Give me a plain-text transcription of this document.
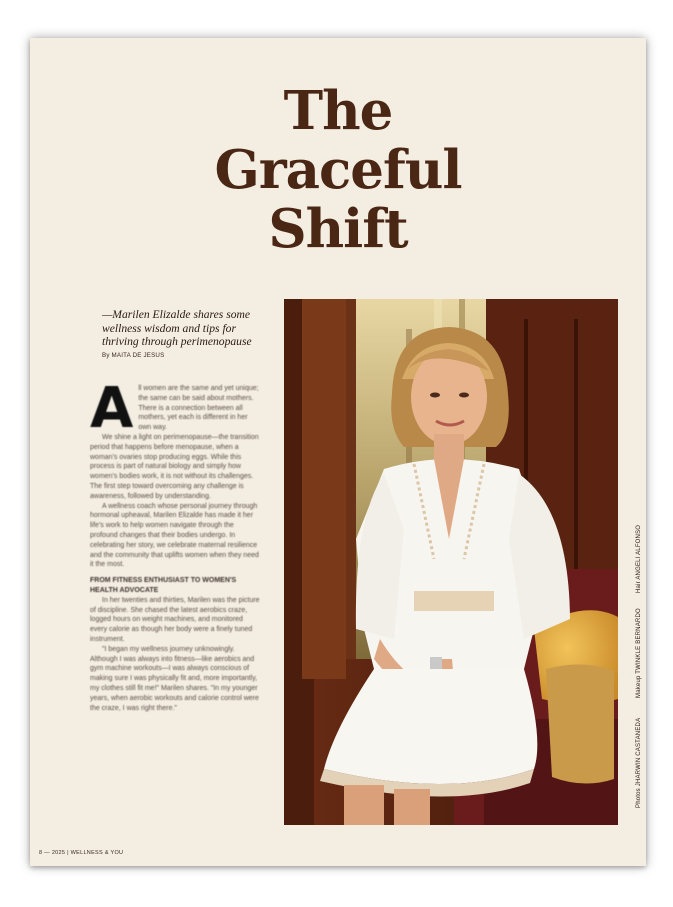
The
Graceful
Shift
—Marilen Elizalde shares some wellness wisdom and tips for thriving through perimenopause
By MAITA DE JESUS

All women are the same and yet unique; the same can be said about mothers. There is a connection between all mothers, yet each is different in her own way.

We shine a light on perimenopause—the transition period that happens before menopause, when a woman's ovaries stop producing eggs. While this process is part of natural biology and simply how women's bodies work, it is not without its challenges. The first step toward overcoming any challenge is awareness, followed by understanding.

A wellness coach whose personal journey through hormonal upheaval, Marilen Elizalde has made it her life's work to help women navigate through the profound changes that their bodies undergo. In celebrating her story, we celebrate maternal resilience and the community that uplifts women when they need it the most.

FROM FITNESS ENTHUSIAST TO WOMEN'S HEALTH ADVOCATE

In her twenties and thirties, Marilen was the picture of discipline. She chased the latest aerobics craze, logged hours on weight machines, and monitored every calorie as though her body were a finely tuned instrument.

"I began my wellness journey unknowingly. Although I was always into fitness—like aerobics and gym machine workouts—I was always conscious of making sure I was physically fit and, more importantly, my clothes still fit me!" Marilen shares. "In my younger years, when aerobic workouts and calorie control were the craze, I was right there."

Hair ANGELI ALFONSO
Makeup TWINKLE BERNARDO
Photos JHARWIN CASTANEDA
8 — 2025 | WELLNESS & YOU
